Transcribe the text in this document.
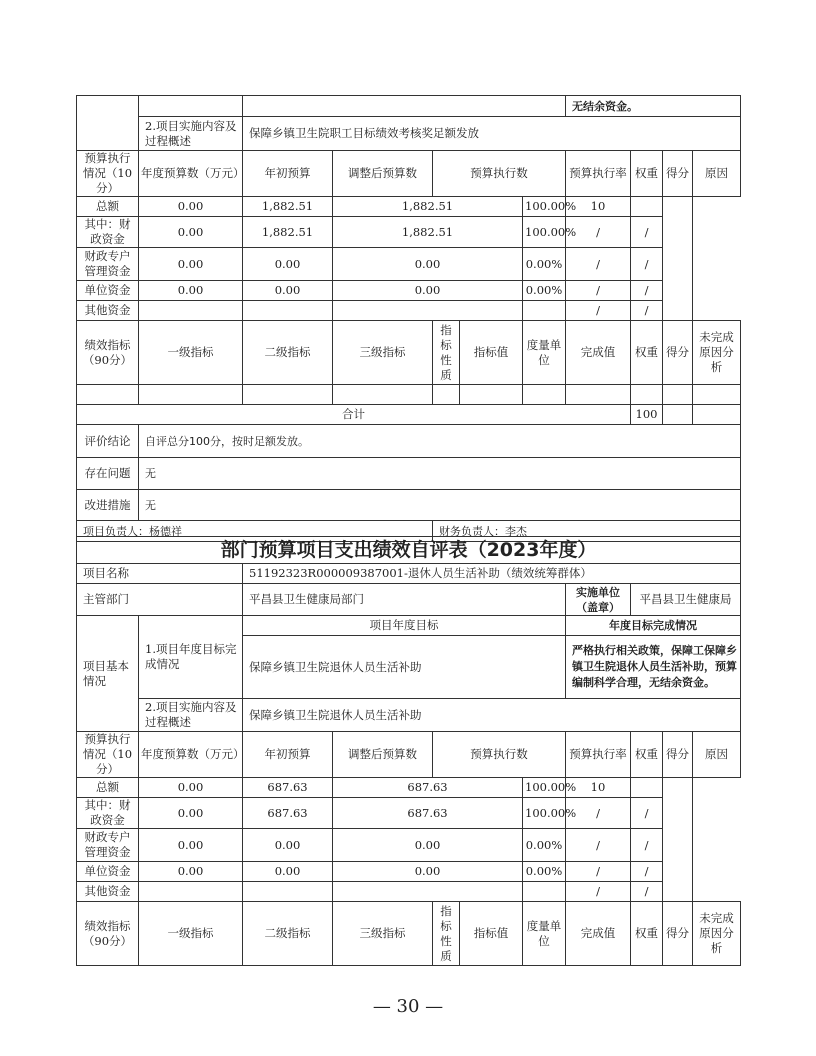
							无结余资金。			
	2.项目实施内容及过程概述	保障乡镇卫生院职工目标绩效考核奖足额发放								
预算执行情况（10分）	年度预算数（万元）	年初预算	调整后预算数	预算执行数			预算执行率	权重	得分	原因
总额	0.00	1,882.51	1,882.51			100.00%	10			
其中：财政资金	0.00	1,882.51	1,882.51			100.00%	/	/		
财政专户管理资金	0.00	0.00	0.00			0.00%	/	/		
单位资金	0.00	0.00	0.00			0.00%	/	/		
其他资金							/	/		
绩效指标（90分）	一级指标	二级指标	三级指标	指标性质	指标值	度量单位	完成值	权重	得分	未完成原因分析

合计								100		
评价结论	自评总分100分，按时足额发放。									
存在问题	无									
改进措施	无									
项目负责人：杨德祥				财务负责人：李杰						
部门预算项目支出绩效自评表（2023年度）										
项目名称		51192323R000009387001-退休人员生活补助（绩效统筹群体）								
主管部门		平昌县卫生健康局部门					实施单位（盖章）	平昌县卫生健康局		
项目基本情况	1.项目年度目标完成情况	项目年度目标					年度目标完成情况			
		保障乡镇卫生院退休人员生活补助					严格执行相关政策，保障工保障乡镇卫生院退休人员生活补助，预算编制科学合理，无结余资金。			
	2.项目实施内容及过程概述	保障乡镇卫生院退休人员生活补助								
预算执行情况（10分）	年度预算数（万元）	年初预算	调整后预算数	预算执行数			预算执行率	权重	得分	原因
总额	0.00	687.63	687.63			100.00%	10			
其中：财政资金	0.00	687.63	687.63			100.00%	/	/		
财政专户管理资金	0.00	0.00	0.00			0.00%	/	/		
单位资金	0.00	0.00	0.00			0.00%	/	/		
其他资金							/	/		
绩效指标（90分）	一级指标	二级指标	三级指标	指标性质	指标值	度量单位	完成值	权重	得分	未完成原因分析
— 30 —
